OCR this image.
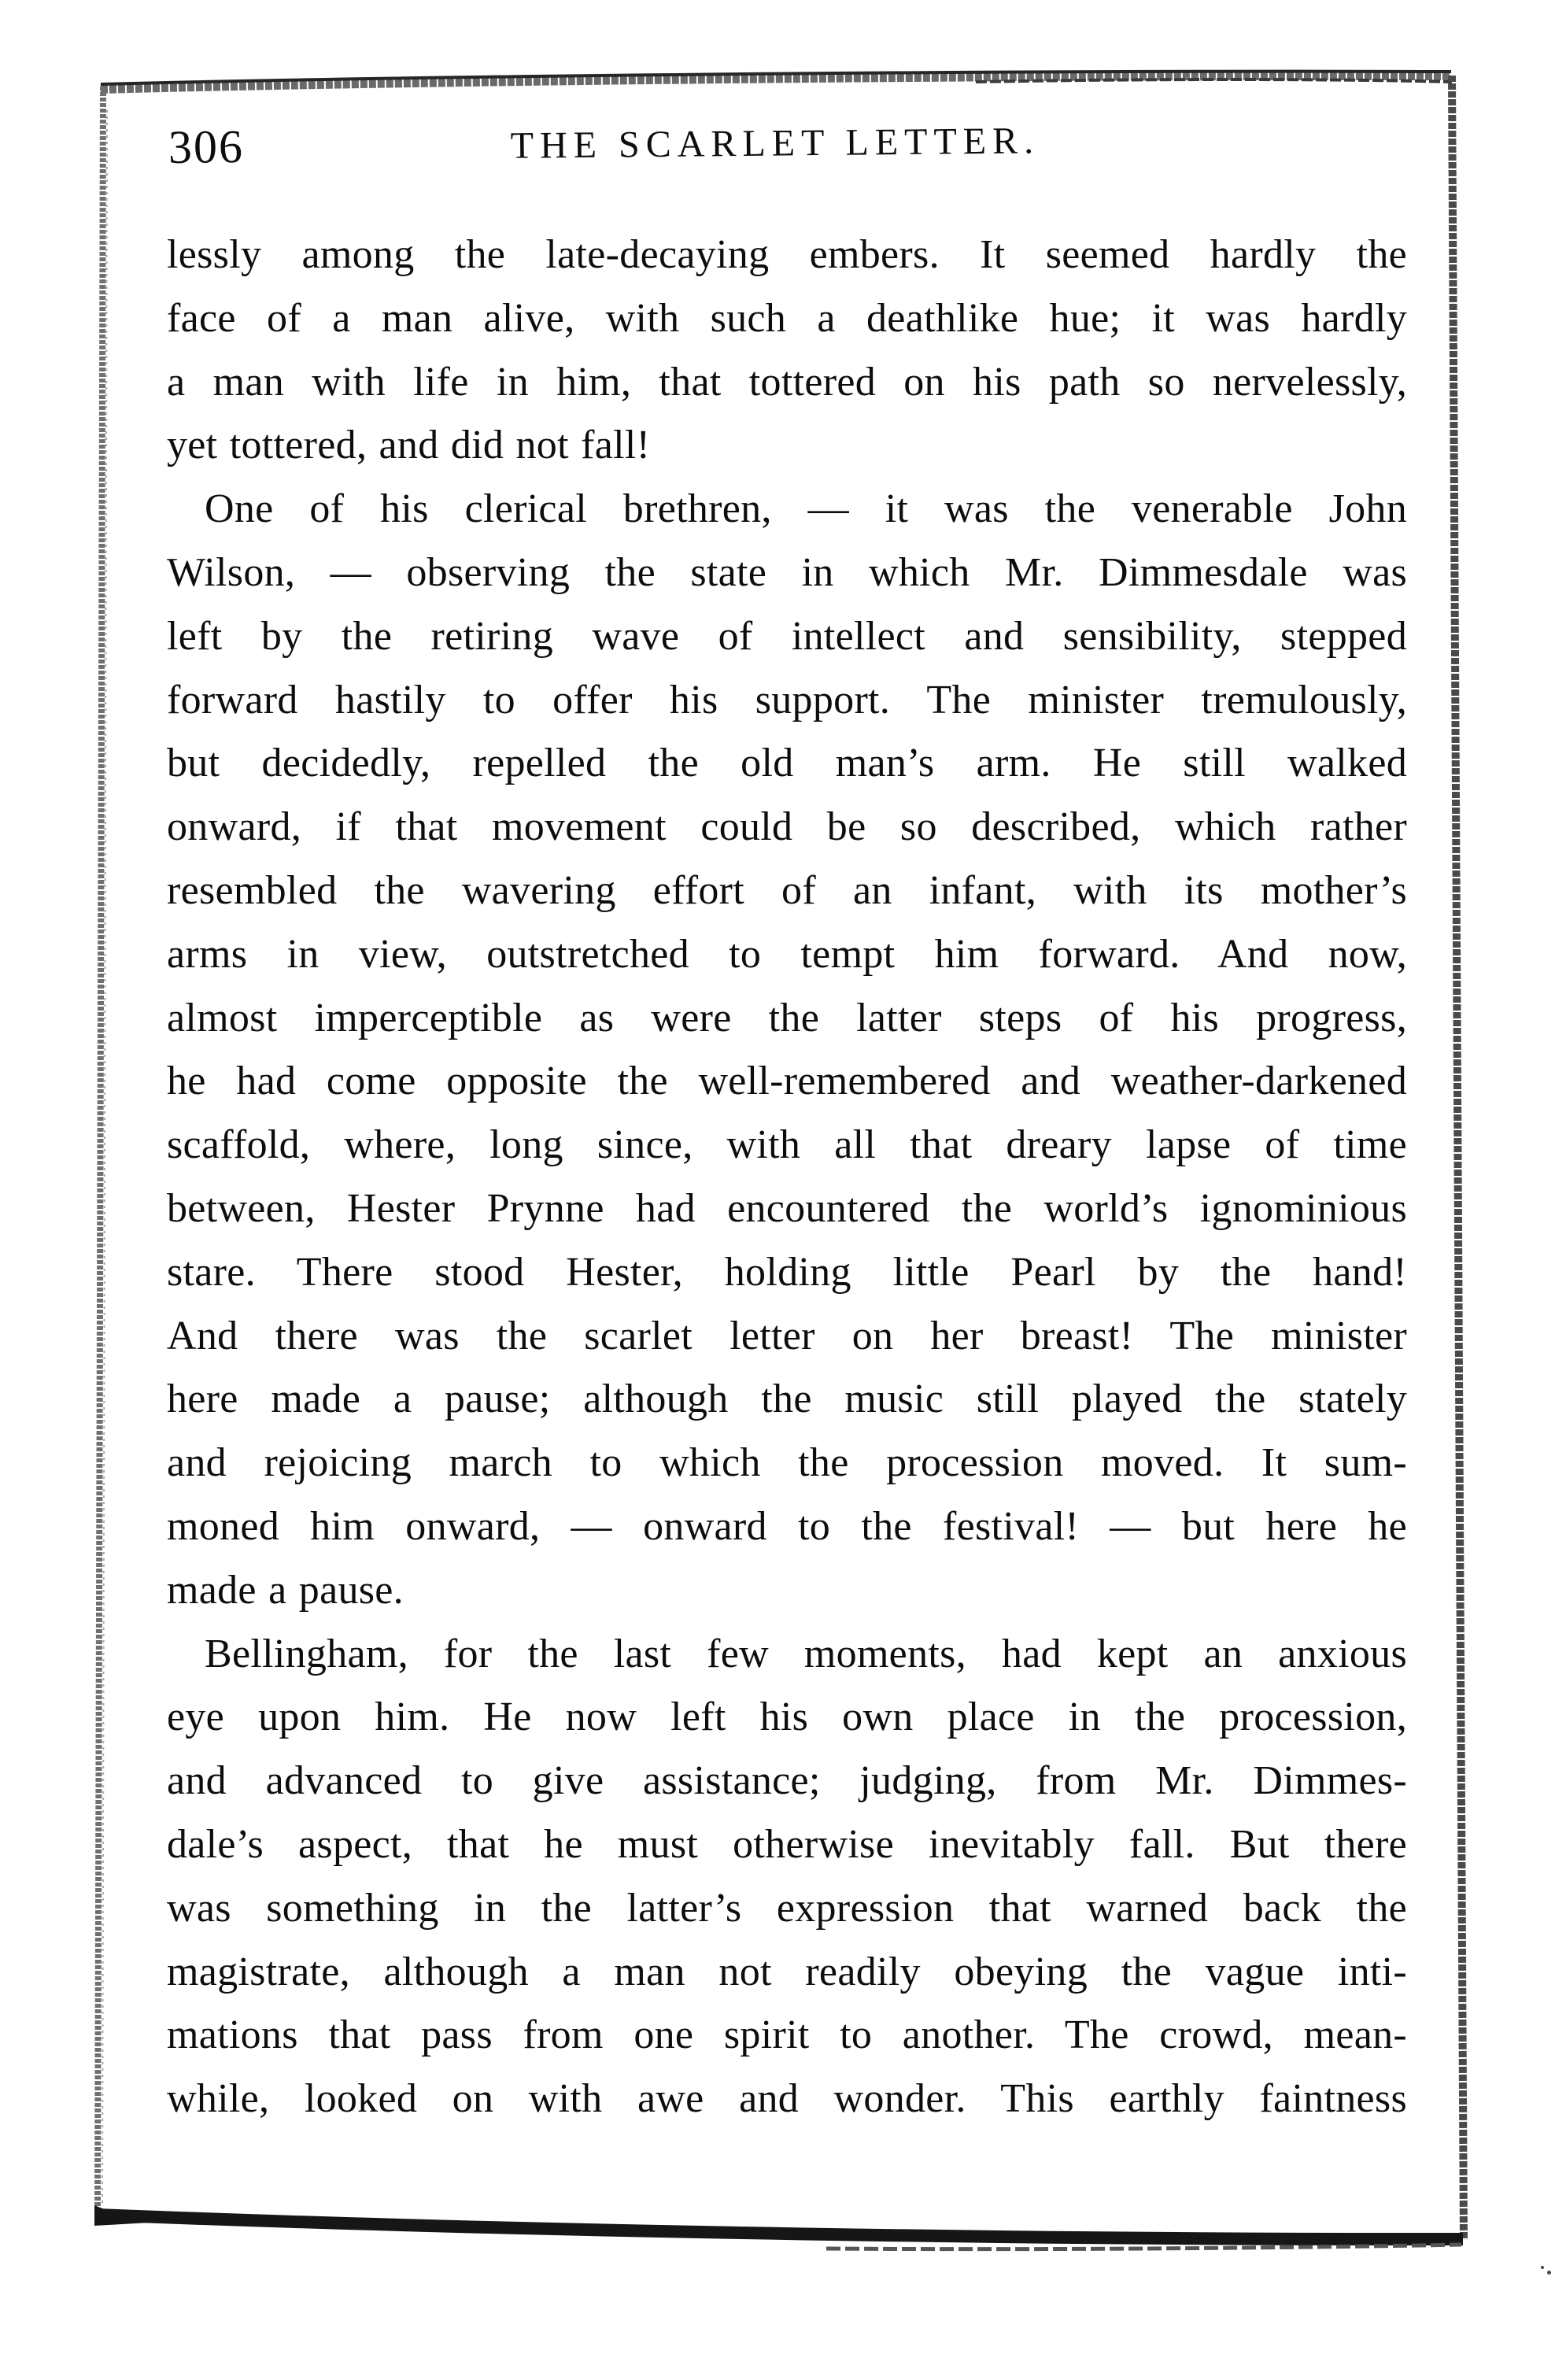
306	THE SCARLET LETTER.
lessly among the late-decaying embers. It seemed hardly the
face of a man alive, with such a deathlike hue; it was hardly
a man with life in him, that tottered on his path so nervelessly,
yet tottered, and did not fall!
One of his clerical brethren, — it was the venerable John
Wilson, — observing the state in which Mr. Dimmesdale was
left by the retiring wave of intellect and sensibility, stepped
forward hastily to offer his support. The minister tremulously,
but decidedly, repelled the old man’s arm. He still walked
onward, if that movement could be so described, which rather
resembled the wavering effort of an infant, with its mother’s
arms in view, outstretched to tempt him forward. And now,
almost imperceptible as were the latter steps of his progress,
he had come opposite the well-remembered and weather-darkened
scaffold, where, long since, with all that dreary lapse of time
between, Hester Prynne had encountered the world’s ignominious
stare. There stood Hester, holding little Pearl by the hand!
And there was the scarlet letter on her breast! The minister
here made a pause; although the music still played the stately
and rejoicing march to which the procession moved. It sum-
moned him onward, — onward to the festival! — but here he
made a pause.
Bellingham, for the last few moments, had kept an anxious
eye upon him. He now left his own place in the procession,
and advanced to give assistance; judging, from Mr. Dimmes-
dale’s aspect, that he must otherwise inevitably fall. But there
was something in the latter’s expression that warned back the
magistrate, although a man not readily obeying the vague inti-
mations that pass from one spirit to another. The crowd, mean-
while, looked on with awe and wonder. This earthly faintness
